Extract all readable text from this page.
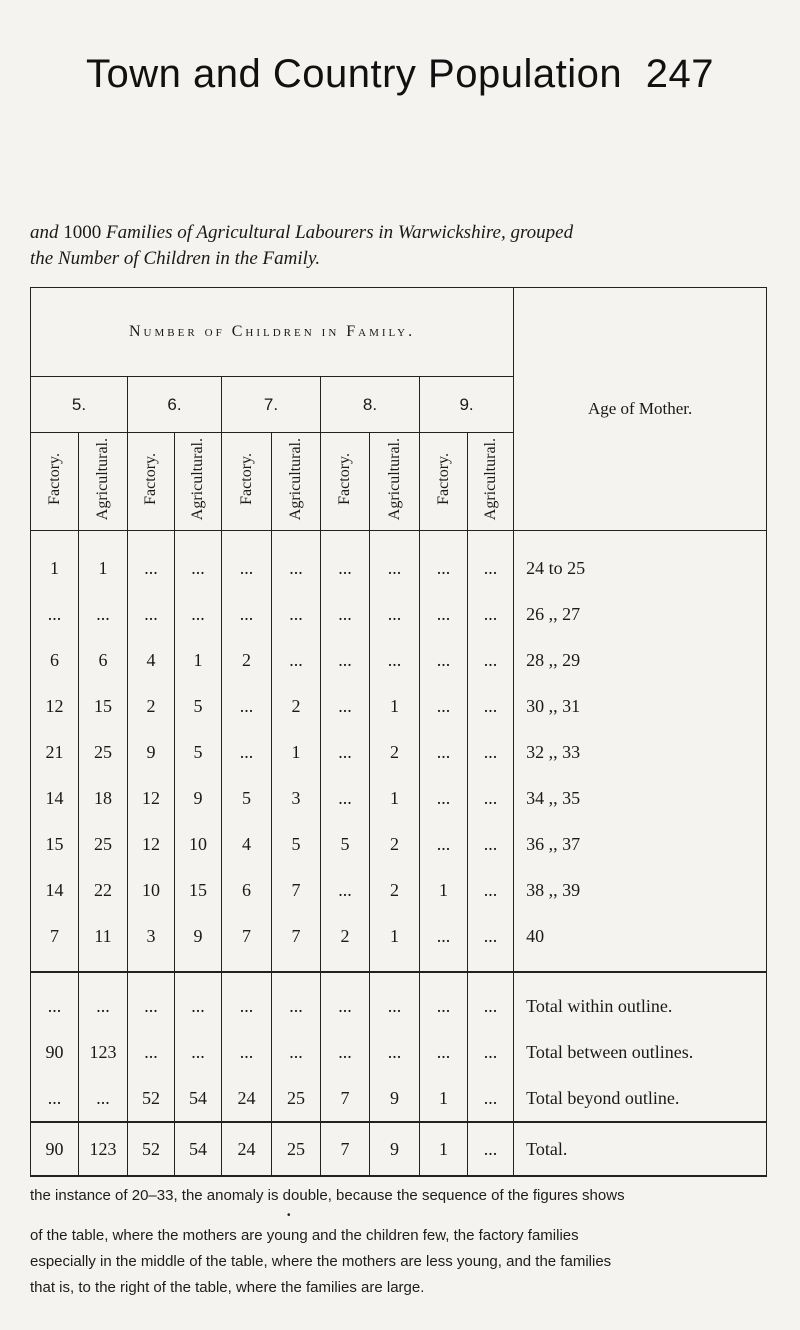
Town and Country Population 247
and 1000 Families of Agricultural Labourers in Warwickshire, grouped
the Number of Children in the Family.
Number of Children in Family.										Age of Mother.
5.		6.		7.		8.		9.		
Factory.	Agricultural.	Factory.	Agricultural.	Factory.	Agricultural.	Factory.	Agricultural.	Factory.	Agricultural.	
1	1	...	...	...	...	...	...	...	...	24 to 25
...	...	...	...	...	...	...	...	...	...	26 ,, 27
6	6	4	1	2	...	...	...	...	...	28 ,, 29
12	15	2	5	...	2	...	1	...	...	30 ,, 31
21	25	9	5	...	1	...	2	...	...	32 ,, 33
14	18	12	9	5	3	...	1	...	...	34 ,, 35
15	25	12	10	4	5	5	2	...	...	36 ,, 37
14	22	10	15	6	7	...	2	1	...	38 ,, 39
7	11	3	9	7	7	2	1	...	...	40

...	...	...	...	...	...	...	...	...	...	Total within outline.
90	123	...	...	...	...	...	...	...	...	Total between outlines.
...	...	52	54	24	25	7	9	1	...	Total beyond outline.
90	123	52	54	24	25	7	9	1	...	Total.
the instance of 20–33, the anomaly is double, because the sequence of the figures shows
•
of the table, where the mothers are young and the children few, the factory families
especially in the middle of the table, where the mothers are less young, and the families
that is, to the right of the table, where the families are large.
